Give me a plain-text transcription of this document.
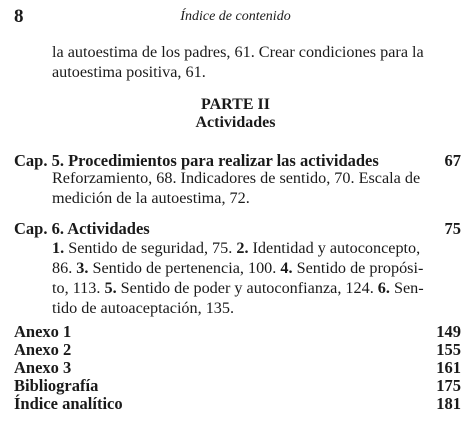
8	Índice de contenido
la autoestima de los padres, 61. Crear condiciones para la
autoestima positiva, 61.
PARTE II
Actividades
Cap. 5. Procedimientos para realizar las actividades	67
Reforzamiento, 68. Indicadores de sentido, 70. Escala de
medición de la autoestima, 72.
Cap. 6. Actividades	75
1. Sentido de seguridad, 75. 2. Identidad y autoconcepto,
86. 3. Sentido de pertenencia, 100. 4. Sentido de propósi-
to, 113. 5. Sentido de poder y autoconfianza, 124. 6. Sen-
tido de autoaceptación, 135.
Anexo 1	149
Anexo 2	155
Anexo 3	161
Bibliografía	175
Índice analítico	181
